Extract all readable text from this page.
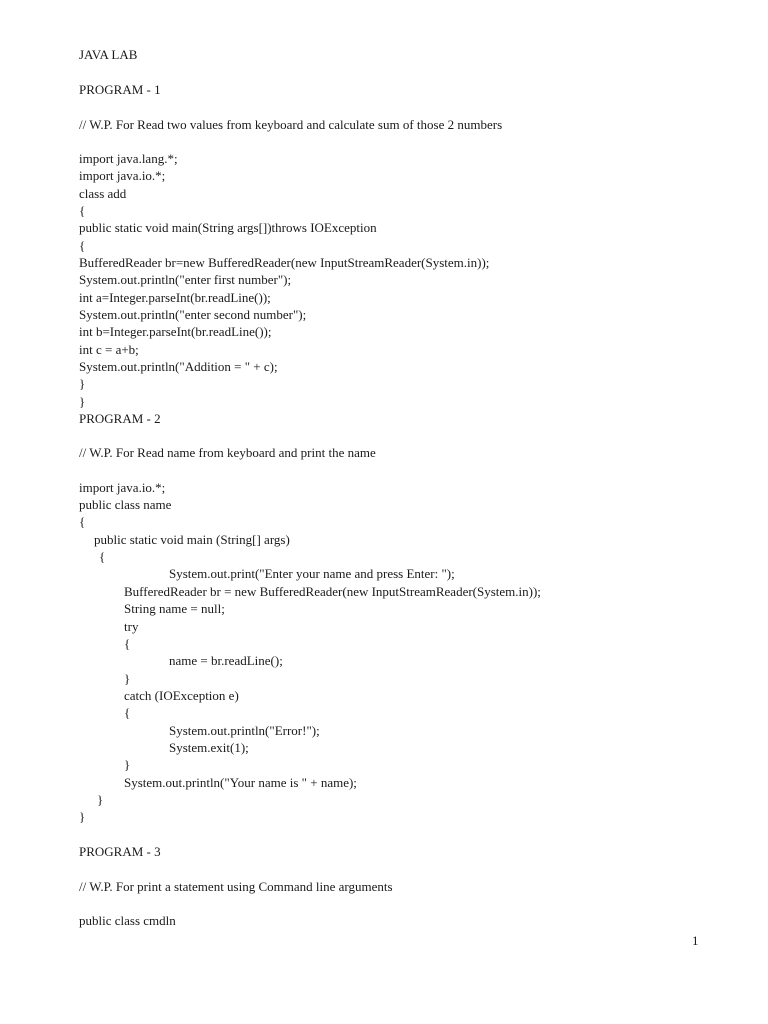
JAVA LAB

PROGRAM - 1

// W.P. For Read two values from keyboard and calculate sum of those 2 numbers

import java.lang.*;

import java.io.*;

class add

{

public static void main(String args[])throws IOException

{

BufferedReader br=new BufferedReader(new InputStreamReader(System.in));

System.out.println("enter first number");

int a=Integer.parseInt(br.readLine());

System.out.println("enter second number");

int b=Integer.parseInt(br.readLine());

int c = a+b;

System.out.println("Addition = " + c);

}

}

PROGRAM - 2

// W.P. For Read name from keyboard and print the name

import java.io.*;

public class name

{

public static void main (String[] args)

{

System.out.print("Enter your name and press Enter: ");

BufferedReader br = new BufferedReader(new InputStreamReader(System.in));

String name = null;

try

{

name = br.readLine();

}

catch (IOException e)

{

System.out.println("Error!");

System.exit(1);

}

System.out.println("Your name is " + name);

}

}

PROGRAM - 3

// W.P. For print a statement using Command line arguments

public class cmdln

1
